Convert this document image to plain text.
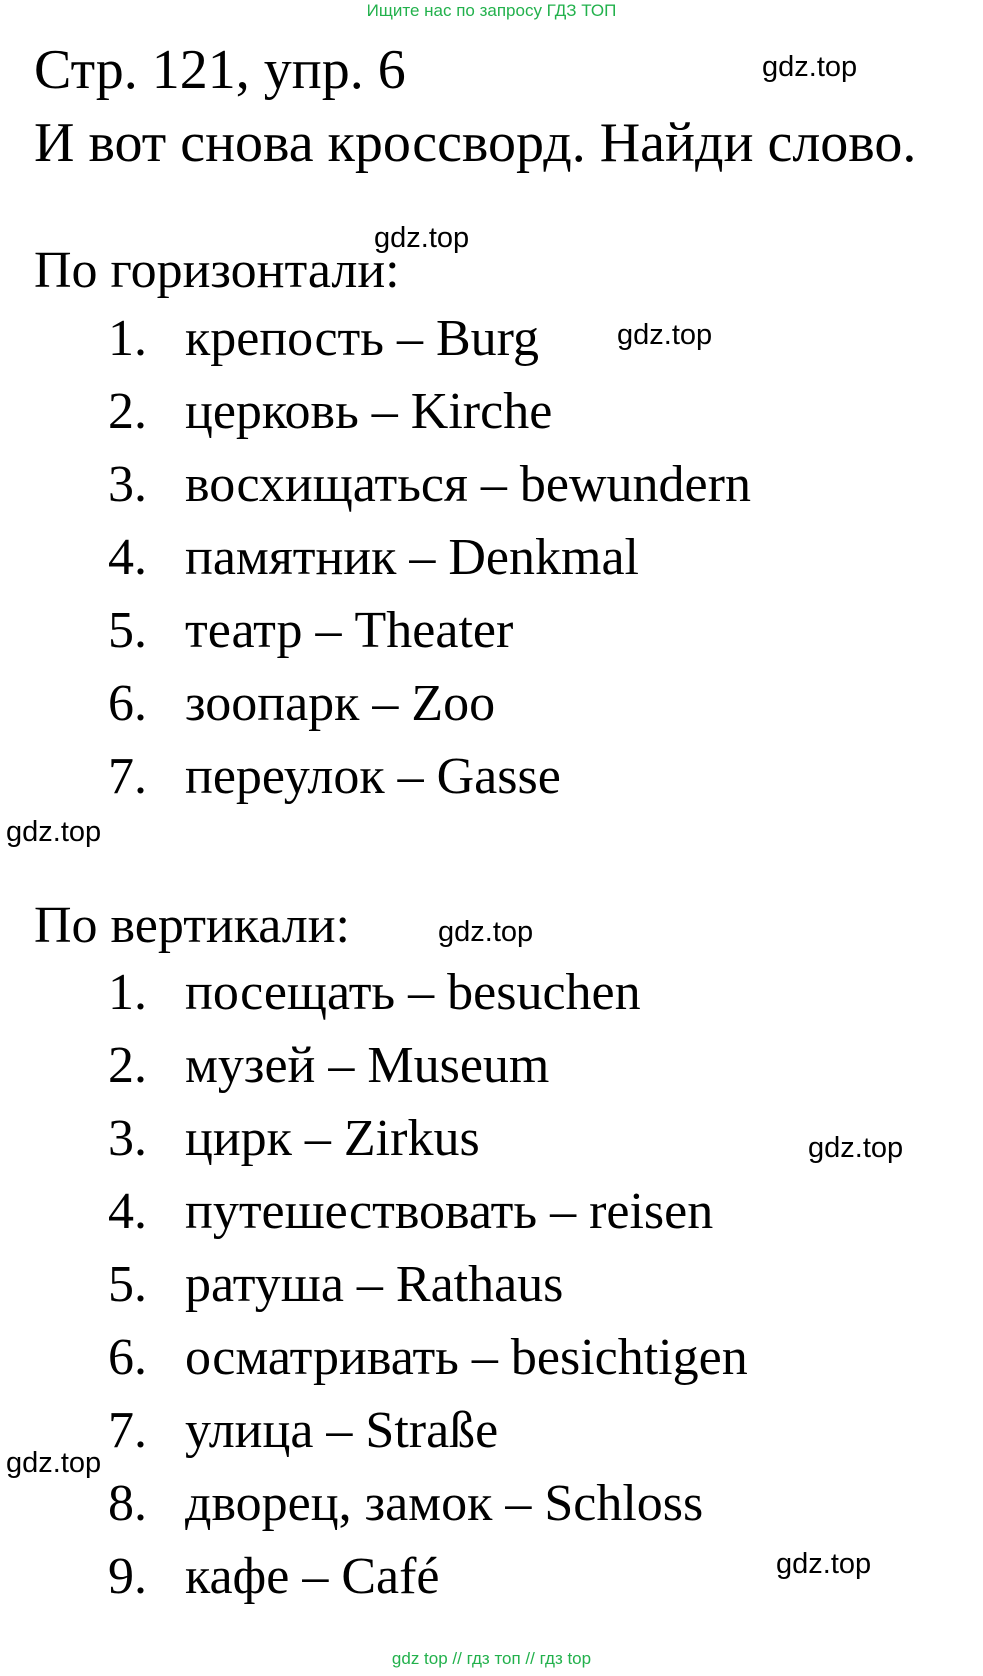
Ищите нас по запросу ГДЗ ТОП
Стр. 121, упр. 6
И вот снова кроссворд. Найди слово.
По горизонтали:
1. крепость – Burg
2. церковь – Kirche
3. восхищаться – bewundern
4. памятник – Denkmal
5. театр – Theater
6. зоопарк – Zoo
7. переулок – Gasse
По вертикали:
1. посещать – besuchen
2. музей – Museum
3. цирк – Zirkus
4. путешествовать – reisen
5. ратуша – Rathaus
6. осматривать – besichtigen
7. улица – Straße
8. дворец, замок – Schloss
9. кафе – Café
gdz.top
gdz.top
gdz.top
gdz.top
gdz.top
gdz.top
gdz.top
gdz.top
gdz top // гдз топ // гдз top
